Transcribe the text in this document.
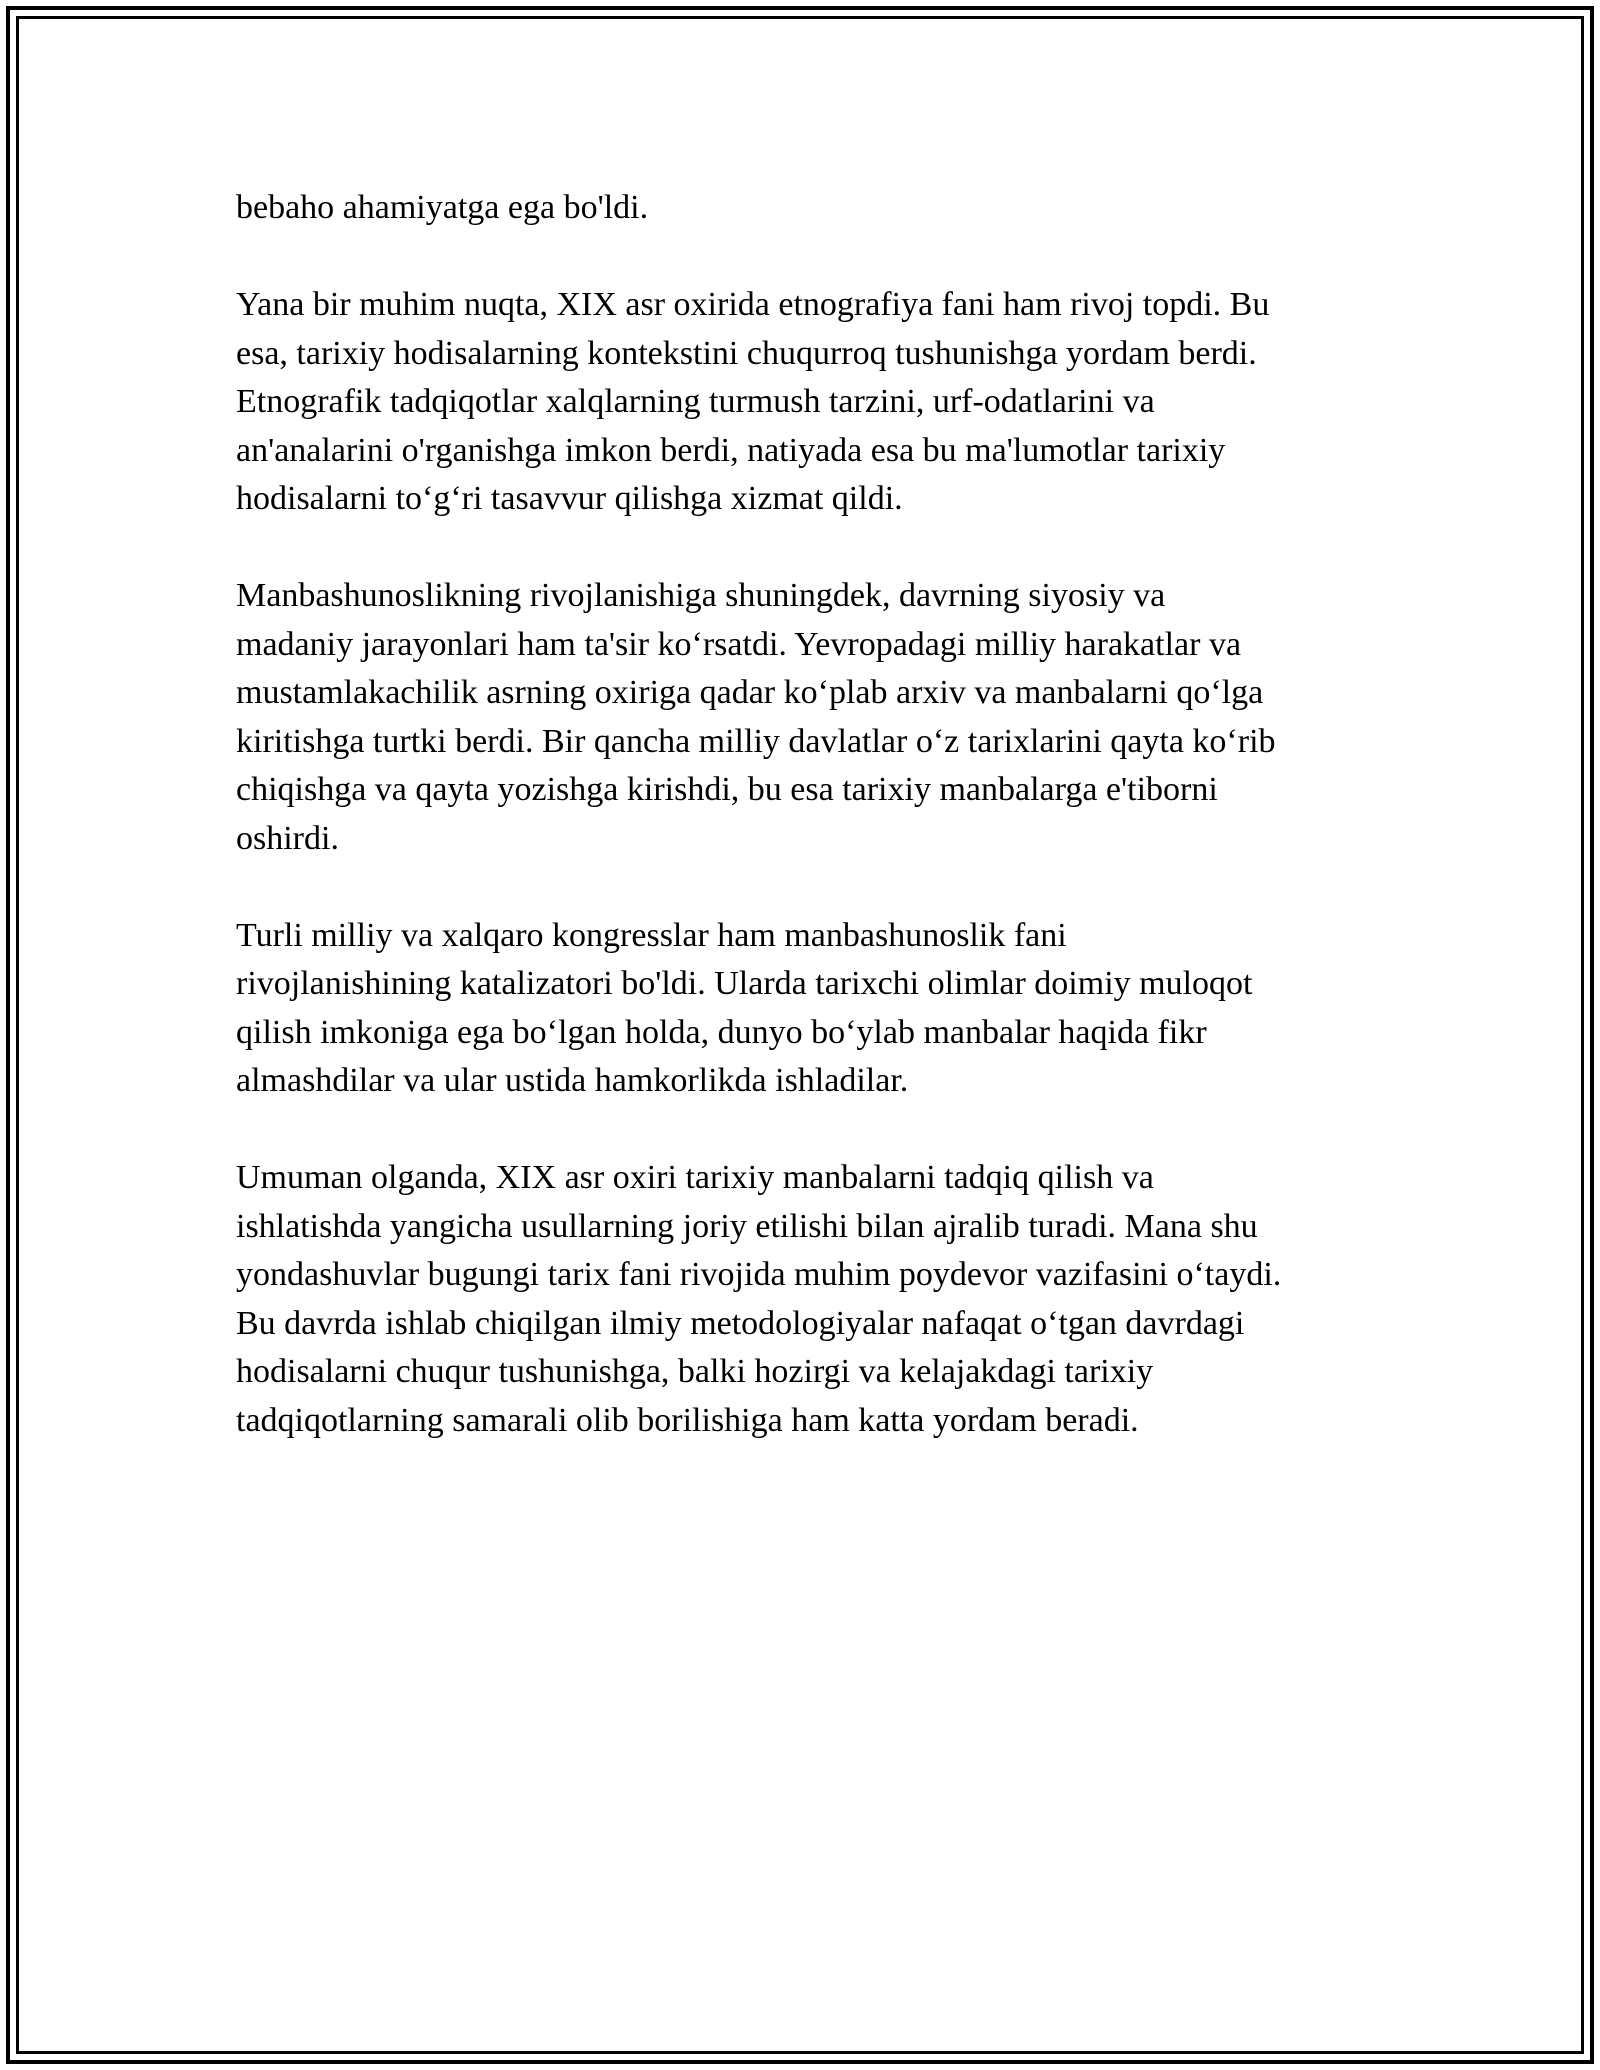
bebaho ahamiyatga ega bo'ldi.

Yana bir muhim nuqta, XIX asr oxirida etnografiya fani ham rivoj topdi. Bu
esa, tarixiy hodisalarning kontekstini chuqurroq tushunishga yordam berdi.
Etnografik tadqiqotlar xalqlarning turmush tarzini, urf-odatlarini va
an'analarini o'rganishga imkon berdi, natiyada esa bu ma'lumotlar tarixiy
hodisalarni to‘g‘ri tasavvur qilishga xizmat qildi.

Manbashunoslikning rivojlanishiga shuningdek, davrning siyosiy va
madaniy jarayonlari ham ta'sir ko‘rsatdi. Yevropadagi milliy harakatlar va
mustamlakachilik asrning oxiriga qadar ko‘plab arxiv va manbalarni qo‘lga
kiritishga turtki berdi. Bir qancha milliy davlatlar o‘z tarixlarini qayta ko‘rib
chiqishga va qayta yozishga kirishdi, bu esa tarixiy manbalarga e'tiborni
oshirdi.

Turli milliy va xalqaro kongresslar ham manbashunoslik fani
rivojlanishining katalizatori bo'ldi. Ularda tarixchi olimlar doimiy muloqot
qilish imkoniga ega bo‘lgan holda, dunyo bo‘ylab manbalar haqida fikr
almashdilar va ular ustida hamkorlikda ishladilar.

Umuman olganda, XIX asr oxiri tarixiy manbalarni tadqiq qilish va
ishlatishda yangicha usullarning joriy etilishi bilan ajralib turadi. Mana shu
yondashuvlar bugungi tarix fani rivojida muhim poydevor vazifasini o‘taydi.
Bu davrda ishlab chiqilgan ilmiy metodologiyalar nafaqat o‘tgan davrdagi
hodisalarni chuqur tushunishga, balki hozirgi va kelajakdagi tarixiy
tadqiqotlarning samarali olib borilishiga ham katta yordam beradi.
